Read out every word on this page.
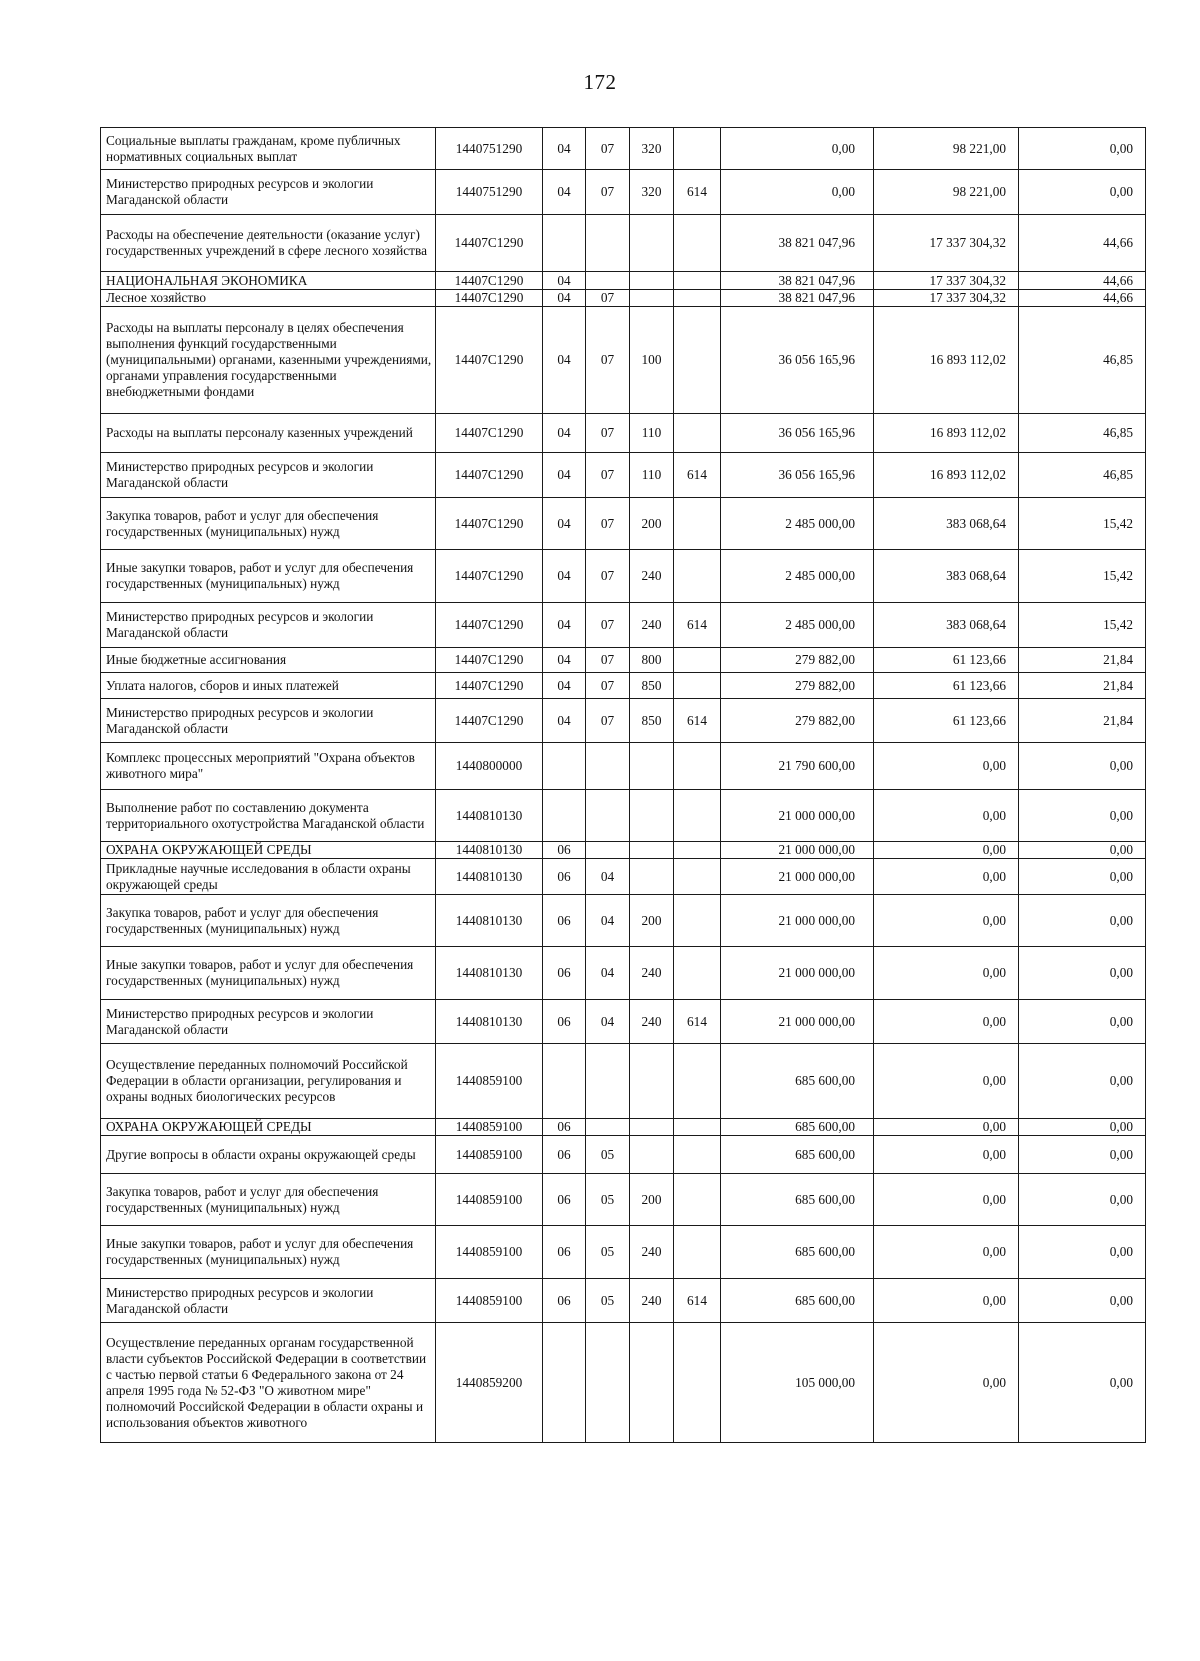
172
Социальные выплаты гражданам, кроме публичных нормативных социальных выплат	1440751290	04	07	320		0,00	98 221,00	0,00
Министерство природных ресурсов и экологии Магаданской области	1440751290	04	07	320	614	0,00	98 221,00	0,00
Расходы на обеспечение деятельности (оказание услуг) государственных учреждений в сфере лесного хозяйства	14407С1290					38 821 047,96	17 337 304,32	44,66
НАЦИОНАЛЬНАЯ ЭКОНОМИКА	14407С1290	04				38 821 047,96	17 337 304,32	44,66
Лесное хозяйство	14407С1290	04	07			38 821 047,96	17 337 304,32	44,66
Расходы на выплаты персоналу в целях обеспечения выполнения функций государственными (муниципальными) органами, казенными учреждениями, органами управления государственными внебюджетными фондами	14407С1290	04	07	100		36 056 165,96	16 893 112,02	46,85
Расходы на выплаты персоналу казенных учреждений	14407С1290	04	07	110		36 056 165,96	16 893 112,02	46,85
Министерство природных ресурсов и экологии Магаданской области	14407С1290	04	07	110	614	36 056 165,96	16 893 112,02	46,85
Закупка товаров, работ и услуг для обеспечения государственных (муниципальных) нужд	14407С1290	04	07	200		2 485 000,00	383 068,64	15,42
Иные закупки товаров, работ и услуг для обеспечения государственных (муниципальных) нужд	14407С1290	04	07	240		2 485 000,00	383 068,64	15,42
Министерство природных ресурсов и экологии Магаданской области	14407С1290	04	07	240	614	2 485 000,00	383 068,64	15,42
Иные бюджетные ассигнования	14407С1290	04	07	800		279 882,00	61 123,66	21,84
Уплата налогов, сборов и иных платежей	14407С1290	04	07	850		279 882,00	61 123,66	21,84
Министерство природных ресурсов и экологии Магаданской области	14407С1290	04	07	850	614	279 882,00	61 123,66	21,84
Комплекс процессных мероприятий "Охрана объектов животного мира"	1440800000					21 790 600,00	0,00	0,00
Выполнение работ по составлению документа территориального охотустройства Магаданской области	1440810130					21 000 000,00	0,00	0,00
ОХРАНА ОКРУЖАЮЩЕЙ СРЕДЫ	1440810130	06				21 000 000,00	0,00	0,00
Прикладные научные исследования в области охраны окружающей среды	1440810130	06	04			21 000 000,00	0,00	0,00
Закупка товаров, работ и услуг для обеспечения государственных (муниципальных) нужд	1440810130	06	04	200		21 000 000,00	0,00	0,00
Иные закупки товаров, работ и услуг для обеспечения государственных (муниципальных) нужд	1440810130	06	04	240		21 000 000,00	0,00	0,00
Министерство природных ресурсов и экологии Магаданской области	1440810130	06	04	240	614	21 000 000,00	0,00	0,00
Осуществление переданных полномочий Российской Федерации в области организации, регулирования и охраны водных биологических ресурсов	1440859100					685 600,00	0,00	0,00
ОХРАНА ОКРУЖАЮЩЕЙ СРЕДЫ	1440859100	06				685 600,00	0,00	0,00
Другие вопросы в области охраны окружающей среды	1440859100	06	05			685 600,00	0,00	0,00
Закупка товаров, работ и услуг для обеспечения государственных (муниципальных) нужд	1440859100	06	05	200		685 600,00	0,00	0,00
Иные закупки товаров, работ и услуг для обеспечения государственных (муниципальных) нужд	1440859100	06	05	240		685 600,00	0,00	0,00
Министерство природных ресурсов и экологии Магаданской области	1440859100	06	05	240	614	685 600,00	0,00	0,00
Осуществление переданных органам государственной власти субъектов Российской Федерации в соответствии с частью первой статьи 6 Федерального закона от 24 апреля 1995 года № 52-ФЗ "О животном мире" полномочий Российской Федерации в области охраны и использования объектов животного	1440859200					105 000,00	0,00	0,00
